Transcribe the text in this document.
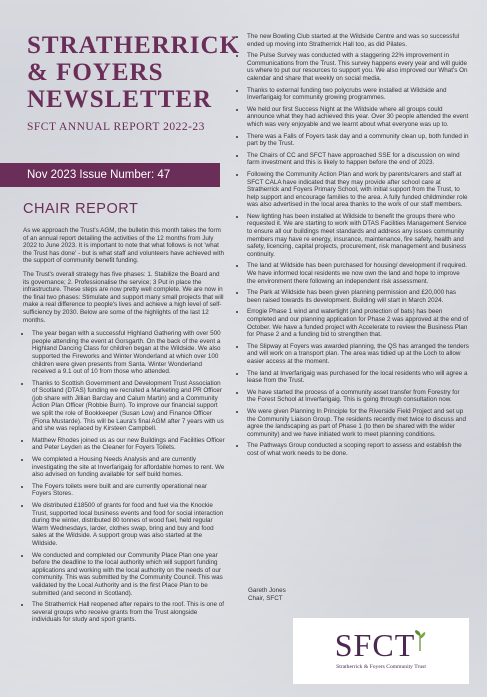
STRATHERRICK
& FOYERS
NEWSLETTER
SFCT ANNUAL REPORT 2022-23
Nov 2023 Issue Number: 47
CHAIR REPORT

As we approach the Trust's AGM, the bulletin this month takes the form of an annual report detailing the activities of the 12 months from July 2022 to June 2023. It is important to note that what follows is not 'what the Trust has done' - but is what staff and volunteers have achieved with the support of community benefit funding.

The Trust's overall strategy has five phases: 1. Stabilize the Board and its governance; 2. Professionalise the service; 3 Put in place the infrastructure. These steps are now pretty well complete. We are now in the final two phases: Stimulate and support many small projects that will make a real difference to people's lives and achieve a high level of self-sufficiency by 2030. Below are some of the highlights of the last 12 months.

• The year began with a successful Highland Gathering with over 500 people attending the event at Gorsgarth. On the back of the event a Highland Dancing Class for children began at the Wildside. We also supported the Fireworks and Winter Wonderland at which over 100 children were given presents from Santa. Winter Wonderland received a 9.1 out of 10 from those who attended.
• Thanks to Scottish Government and Development Trust Association of Scotland (DTAS) funding we recruited a Marketing and PR Officer (job share with Jillian Barclay and Calum Martin) and a Community Action Plan Officer (Robbie Burn). To improve our financial support we split the role of Bookkeeper (Susan Low) and Finance Officer (Fiona Mustarde). This will be Laura's final AGM after 7 years with us and she was replaced by Kirsteen Campbell.
• Matthew Rhodes joined us as our new Buildings and Facilities Officer and Peter Leyden as the Cleaner for Foyers Toilets.
• We completed a Housing Needs Analysis and are currently investigating the site at Inverfarigaig for affordable homes to rent. We also advised on funding available for self build homes.
• The Foyers toilets were built and are currently operational near Foyers Stores.
• We distributed £18500 of grants for food and fuel via the Knockie Trust, supported local business events and food for social interaction during the winter, distributed 80 tonnes of wood fuel, held regular Warm Wednesdays, larder, clothes swap, bring and buy and food sales at the Wildside. A support group was also started at the Wildside.
• We conducted and completed our Community Place Plan one year before the deadline to the local authority which will support funding applications and working with the local authority on the needs of our community. This was submitted by the Community Council. This was validated by the Local Authority and is the first Place Plan to be submitted (and second in Scotland).
• The Stratherrick Hall reopened after repairs to the roof. This is one of several groups who receive grants from the Trust alongside individuals for study and sport grants.
• The new Bowling Club started at the Wildside Centre and was so successful ended up moving into Stratherrick Hall too, as did Pilates.
• The Pulse Survey was conducted with a staggering 22% improvement in Communications from the Trust. This survey happens every year and will guide us where to put our resources to support you. We also improved our What's On calendar and share that weekly on social media.
• Thanks to external funding two polycrubs were installed at Wildside and Inverfarigaig for community growing programmes.
• We held our first Success Night at the Wildside where all groups could announce what they had achieved this year. Over 30 people attended the event which was very enjoyable and we learnt about what everyone was up to.
• There was a Falls of Foyers task day and a community clean up, both funded in part by the Trust.
• The Chairs of CC and SFCT have approached SSE for a discussion on wind farm investment and this is likely to happen before the end of 2023.
• Following the Community Action Plan and work by parents/carers and staff at SFCT CALA have indicated that they may provide after school care at Stratherrick and Foyers Primary School, with initial support from the Trust, to help support and encourage families to the area. A fully funded childminder role was also advertised in the local area thanks to the work of our staff members.
• New lighting has been installed at Wildside to benefit the groups there who requested it. We are starting to work with DTAS Facilities Management Service to ensure all our buildings meet standards and address any issues community members may have re energy, insurance, maintenance, fire safety, health and safety, licencing, capital projects, procurement, risk management and business continuity.
• The land at Wildside has been purchased for housing/ development if required. We have informed local residents we now own the land and hope to improve the environment there following an independent risk assessment.
• The Park at Wildside has been given planning permission and £20,000 has been raised towards its development. Building will start in March 2024.
• Errogie Phase 1 wind and watertight (and protection of bats) has been completed and our planning application for Phase 2 was approved at the end of October. We have a funded project with Accelerate to review the Business Plan for Phase 2 and a funding bid to strengthen that.
• The Slipway at Foyers was awarded planning, the QS has arranged the tenders and will work on a transport plan. The area was tidied up at the Loch to allow easier access at the moment.
• The land at Inverfarigaig was purchased for the local residents who will agree a lease from the Trust.
• We have started the process of a community asset transfer from Forestry for the Forest School at Inverfarigaig. This is going through consultation now.
• We were given Planning In Principle for the Riverside Field Project and set up the Community Liaison Group. The residents recently met twice to discuss and agree the landscaping as part of Phase 1 (to then be shared with the wider community) and we have initiated work to meet planning conditions.
• The Pathways Group conducted a scoping report to assess and establish the cost of what work needs to be done.
Gareth Jones
Chair, SFCT
SFCT
Stratherrick & Foyers Community Trust
